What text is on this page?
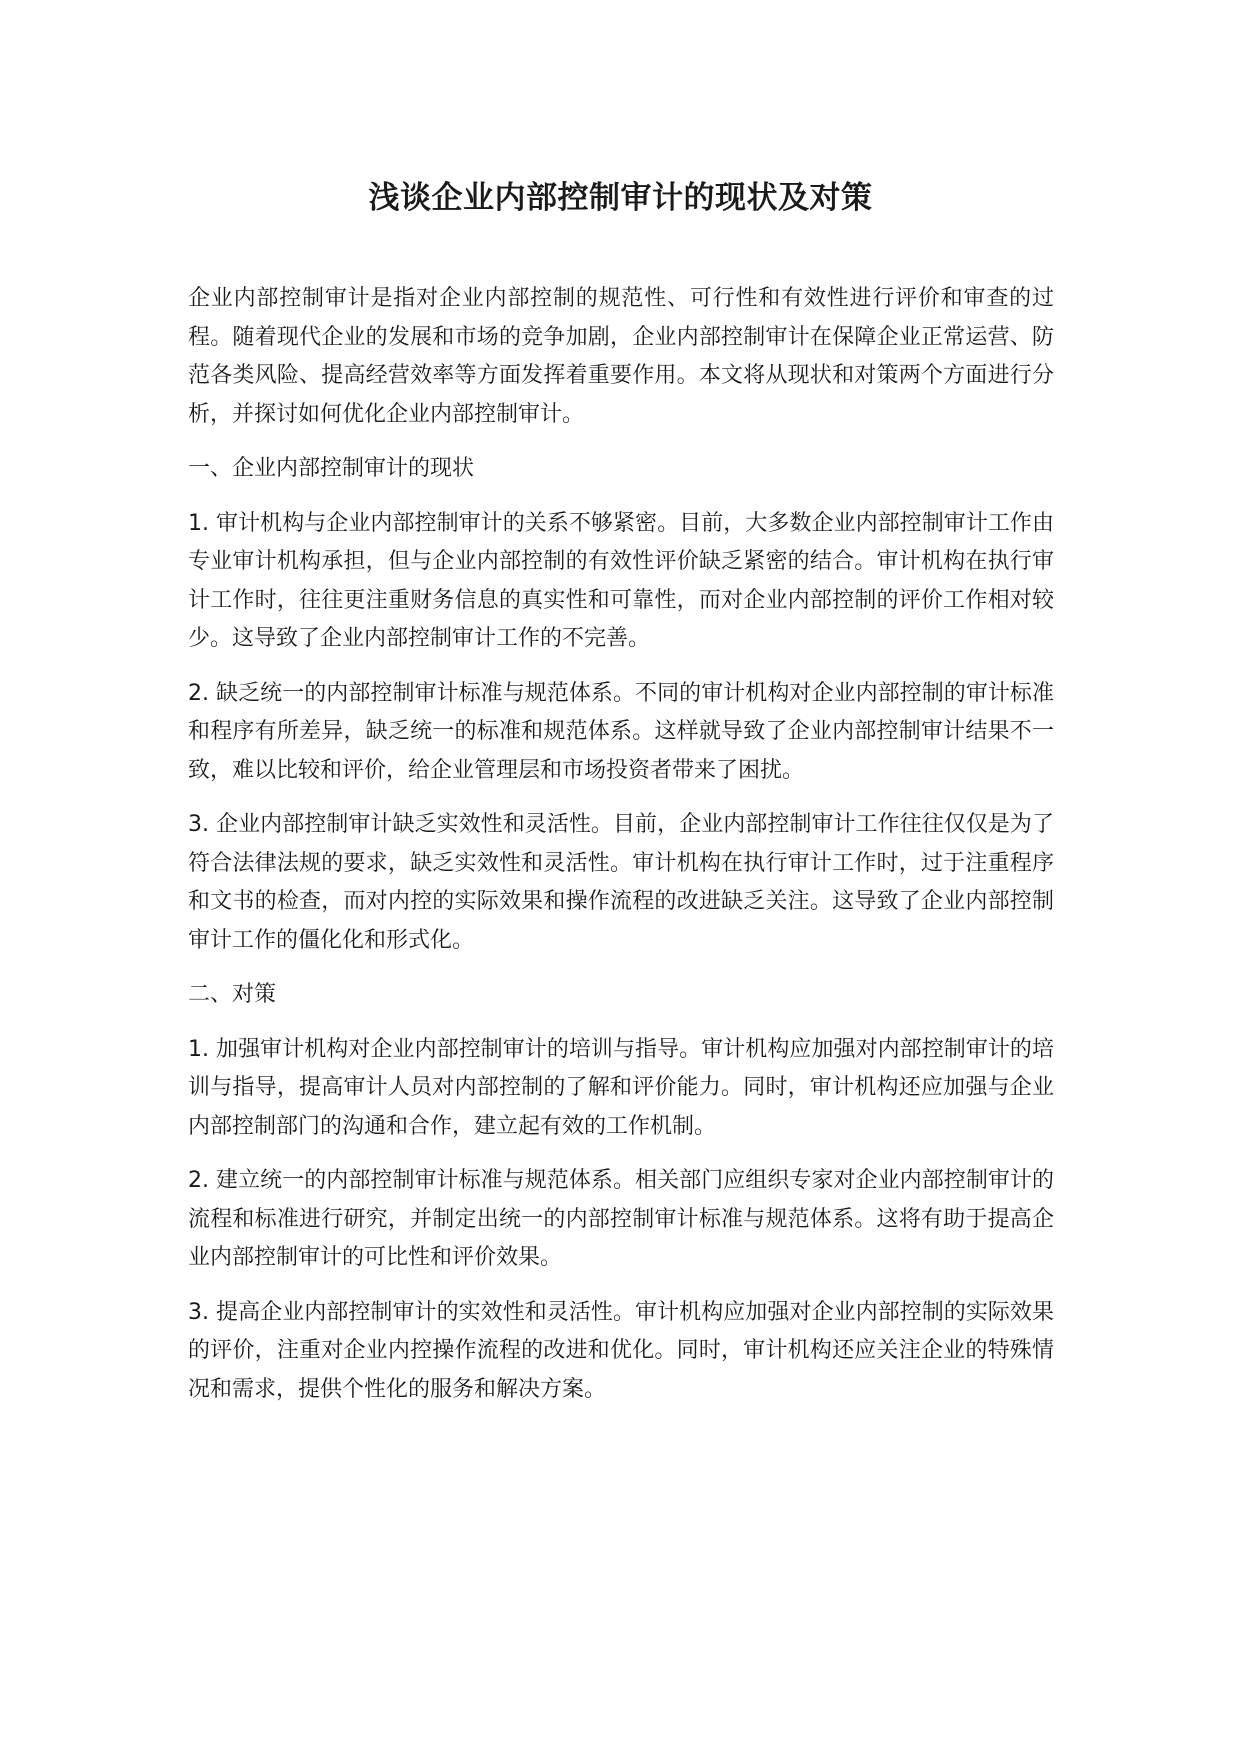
浅谈企业内部控制审计的现状及对策

企业内部控制审计是指对企业内部控制的规范性、可行性和有效性进行评价和审查的过程。随着现代企业的发展和市场的竞争加剧，企业内部控制审计在保障企业正常运营、防范各类风险、提高经营效率等方面发挥着重要作用。本文将从现状和对策两个方面进行分析，并探讨如何优化企业内部控制审计。

一、企业内部控制审计的现状

1. 审计机构与企业内部控制审计的关系不够紧密。目前，大多数企业内部控制审计工作由专业审计机构承担，但与企业内部控制的有效性评价缺乏紧密的结合。审计机构在执行审计工作时，往往更注重财务信息的真实性和可靠性，而对企业内部控制的评价工作相对较少。这导致了企业内部控制审计工作的不完善。

2. 缺乏统一的内部控制审计标准与规范体系。不同的审计机构对企业内部控制的审计标准和程序有所差异，缺乏统一的标准和规范体系。这样就导致了企业内部控制审计结果不一致，难以比较和评价，给企业管理层和市场投资者带来了困扰。

3. 企业内部控制审计缺乏实效性和灵活性。目前，企业内部控制审计工作往往仅仅是为了符合法律法规的要求，缺乏实效性和灵活性。审计机构在执行审计工作时，过于注重程序和文书的检查，而对内控的实际效果和操作流程的改进缺乏关注。这导致了企业内部控制审计工作的僵化化和形式化。

二、对策

1. 加强审计机构对企业内部控制审计的培训与指导。审计机构应加强对内部控制审计的培训与指导，提高审计人员对内部控制的了解和评价能力。同时，审计机构还应加强与企业内部控制部门的沟通和合作，建立起有效的工作机制。

2. 建立统一的内部控制审计标准与规范体系。相关部门应组织专家对企业内部控制审计的流程和标准进行研究，并制定出统一的内部控制审计标准与规范体系。这将有助于提高企业内部控制审计的可比性和评价效果。

3. 提高企业内部控制审计的实效性和灵活性。审计机构应加强对企业内部控制的实际效果的评价，注重对企业内控操作流程的改进和优化。同时，审计机构还应关注企业的特殊情况和需求，提供个性化的服务和解决方案。
